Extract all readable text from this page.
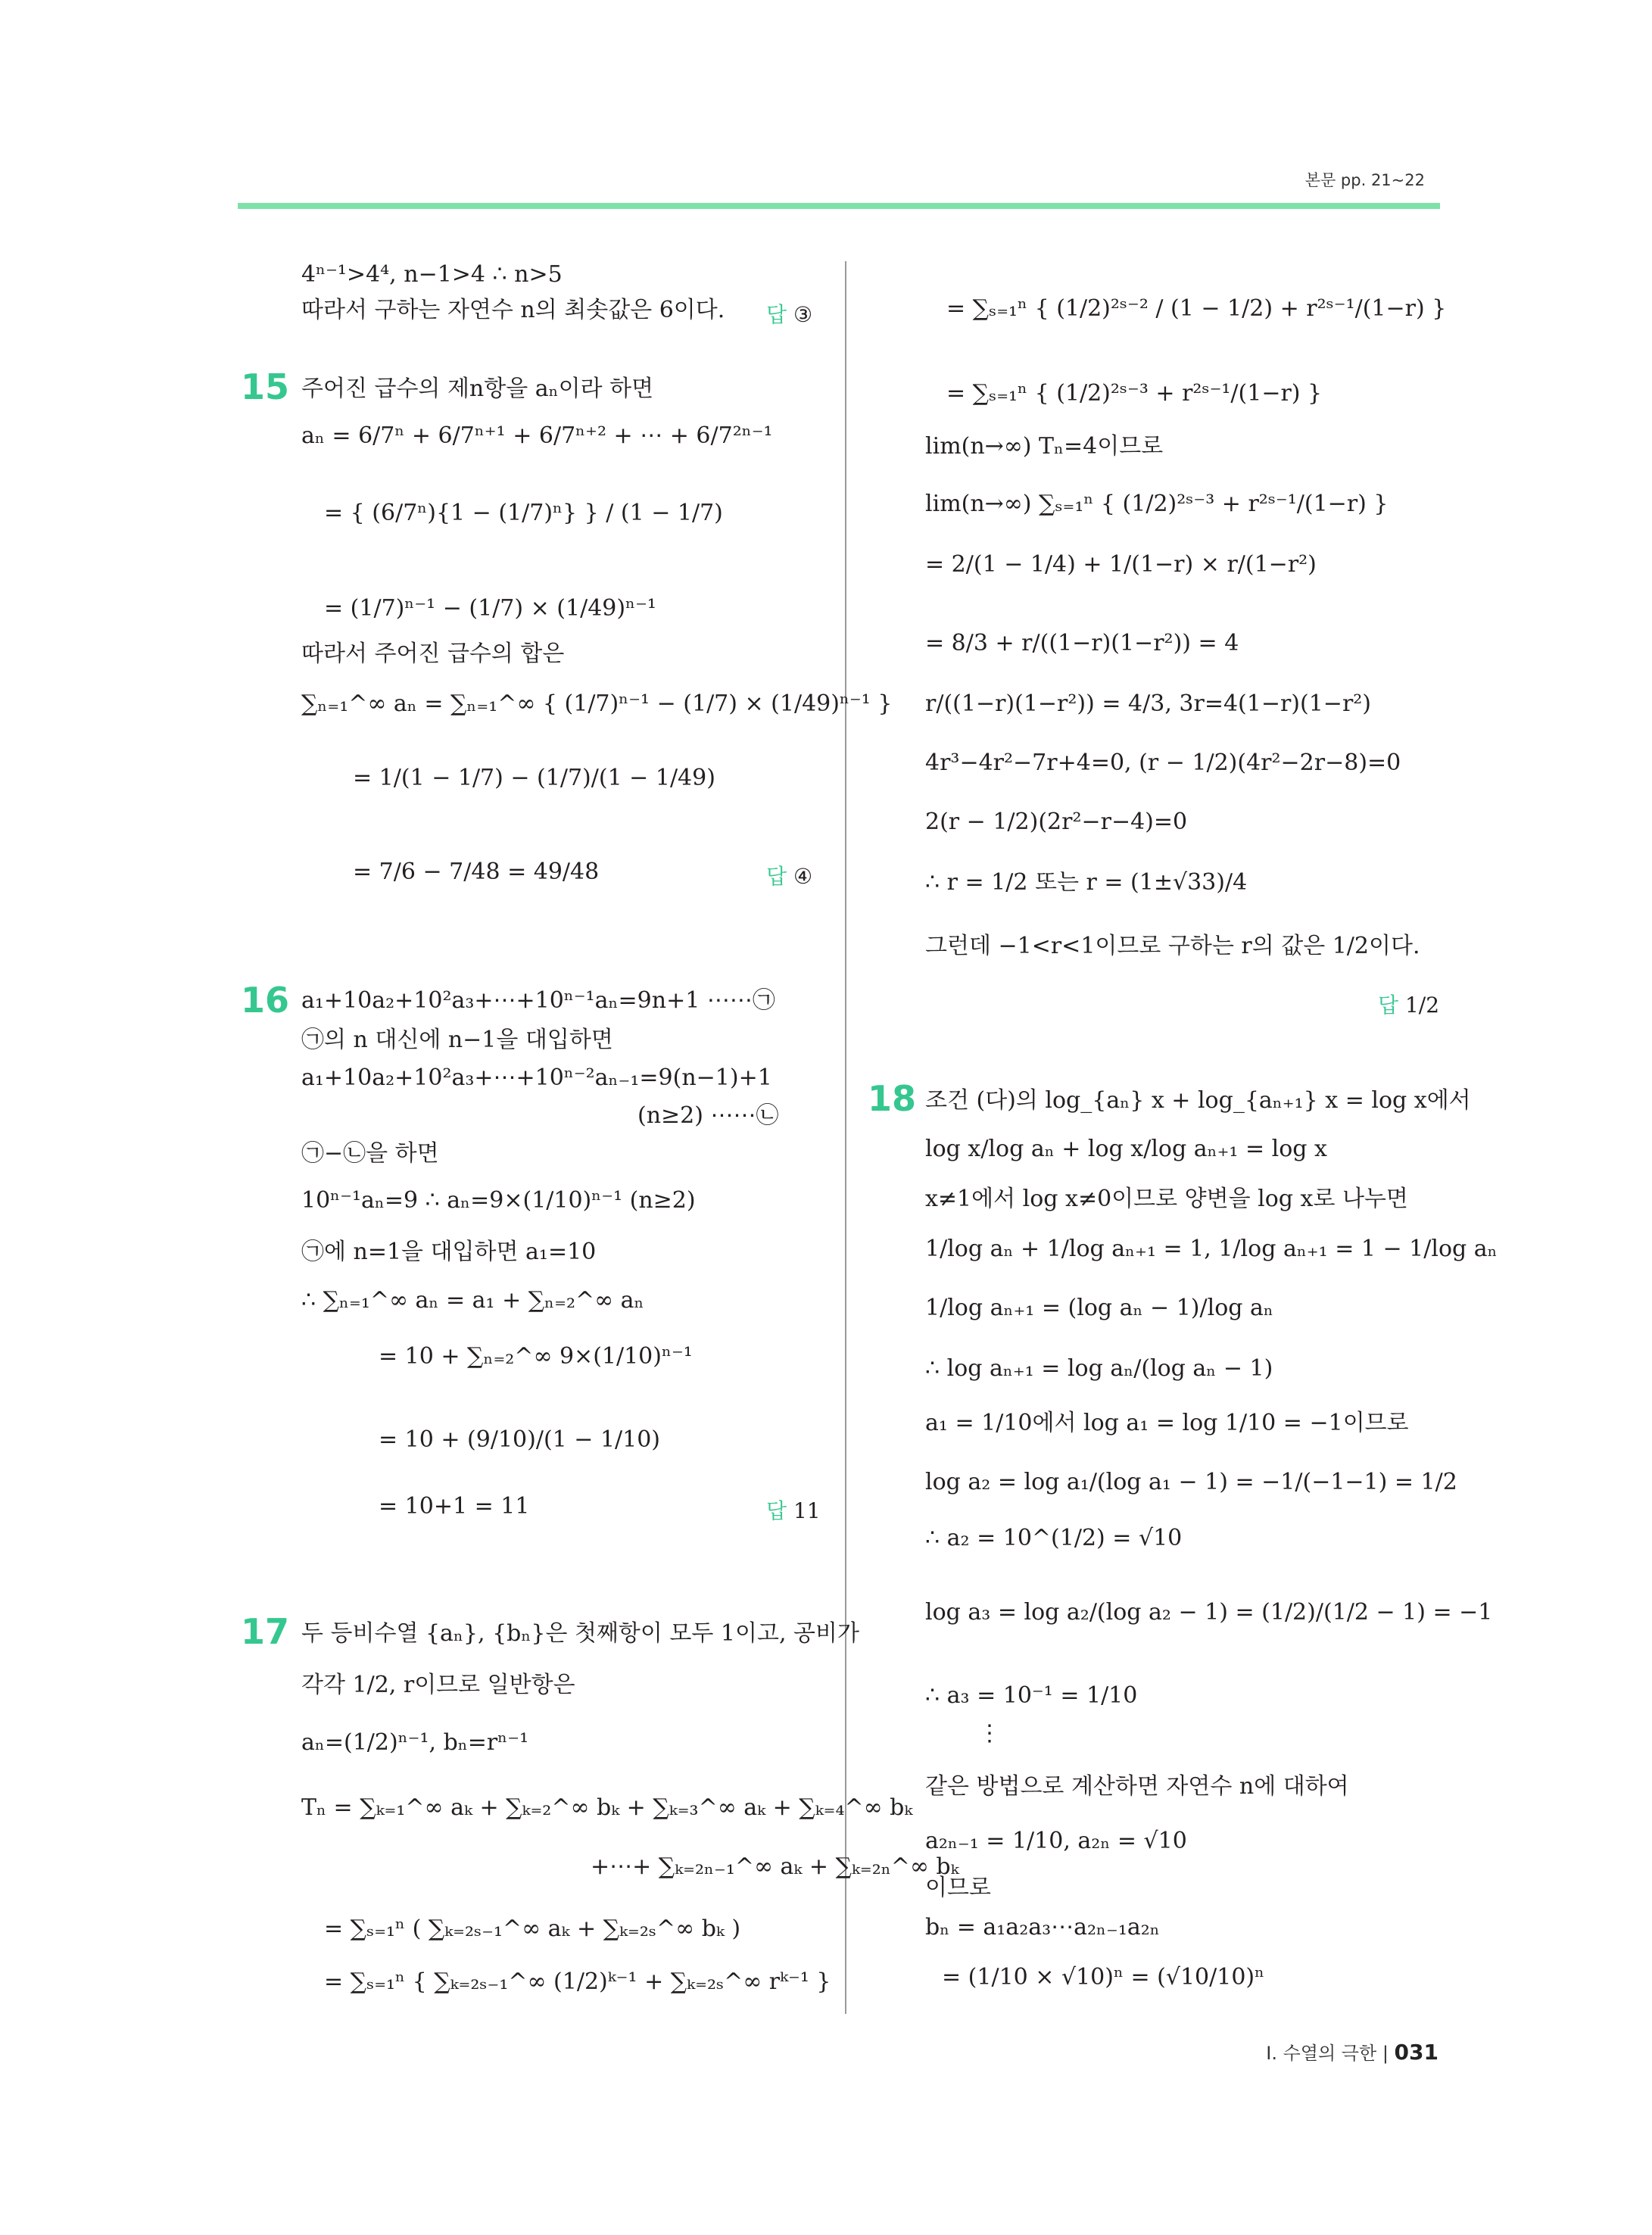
본문 pp. 21~22
4ⁿ⁻¹>4⁴, n−1>4 ∴ n>5
따라서 구하는 자연수 n의 최솟값은 6이다. 답 ③
15 주어진 급수의 제n항을 aₙ이라 하면
aₙ = 6/7ⁿ + 6/7ⁿ⁺¹ + 6/7ⁿ⁺² + ⋯ + 6/7²ⁿ⁻¹
= { (6/7ⁿ){1 − (1/7)ⁿ} } / (1 − 1/7)
= (1/7)ⁿ⁻¹ − (1/7) × (1/49)ⁿ⁻¹
따라서 주어진 급수의 합은
∑ₙ₌₁^∞ aₙ = ∑ₙ₌₁^∞ { (1/7)ⁿ⁻¹ − (1/7) × (1/49)ⁿ⁻¹ }
= 1/(1 − 1/7) − (1/7)/(1 − 1/49)
= 7/6 − 7/48 = 49/48	답 ④
16 a₁+10a₂+10²a₃+⋯+10ⁿ⁻¹aₙ=9n+1 ⋯⋯㉠
㉠의 n 대신에 n−1을 대입하면
a₁+10a₂+10²a₃+⋯+10ⁿ⁻²aₙ₋₁=9(n−1)+1
(n≥2) ⋯⋯㉡
㉠−㉡을 하면
10ⁿ⁻¹aₙ=9 ∴ aₙ=9×(1/10)ⁿ⁻¹ (n≥2)
㉠에 n=1을 대입하면 a₁=10
∴ ∑ₙ₌₁^∞ aₙ = a₁ + ∑ₙ₌₂^∞ aₙ
= 10 + ∑ₙ₌₂^∞ 9×(1/10)ⁿ⁻¹
= 10 + (9/10)/(1 − 1/10)
= 10+1 = 11	답 11
17 두 등비수열 {aₙ}, {bₙ}은 첫째항이 모두 1이고, 공비가
각각 1/2, r이므로 일반항은
aₙ=(1/2)ⁿ⁻¹, bₙ=rⁿ⁻¹
Tₙ = ∑ₖ₌₁^∞ aₖ + ∑ₖ₌₂^∞ bₖ + ∑ₖ₌₃^∞ aₖ + ∑ₖ₌₄^∞ bₖ
+⋯+ ∑ₖ₌₂ₙ₋₁^∞ aₖ + ∑ₖ₌₂ₙ^∞ bₖ
= ∑ₛ₌₁ⁿ ( ∑ₖ₌₂ₛ₋₁^∞ aₖ + ∑ₖ₌₂ₛ^∞ bₖ )
= ∑ₛ₌₁ⁿ { ∑ₖ₌₂ₛ₋₁^∞ (1/2)ᵏ⁻¹ + ∑ₖ₌₂ₛ^∞ rᵏ⁻¹ }
= ∑ₛ₌₁ⁿ { (1/2)²ˢ⁻² / (1 − 1/2) + r²ˢ⁻¹/(1−r) }
= ∑ₛ₌₁ⁿ { (1/2)²ˢ⁻³ + r²ˢ⁻¹/(1−r) }
lim(n→∞) Tₙ=4이므로
lim(n→∞) ∑ₛ₌₁ⁿ { (1/2)²ˢ⁻³ + r²ˢ⁻¹/(1−r) }
= 2/(1 − 1/4) + 1/(1−r) × r/(1−r²)
= 8/3 + r/((1−r)(1−r²)) = 4
r/((1−r)(1−r²)) = 4/3, 3r=4(1−r)(1−r²)
4r³−4r²−7r+4=0, (r − 1/2)(4r²−2r−8)=0
2(r − 1/2)(2r²−r−4)=0
∴ r = 1/2 또는 r = (1±√33)/4
그런데 −1<r<1이므로 구하는 r의 값은 1/2이다.
답 1/2
18 조건 (다)의 log_{aₙ} x + log_{aₙ₊₁} x = log x에서
log x/log aₙ + log x/log aₙ₊₁ = log x
x≠1에서 log x≠0이므로 양변을 log x로 나누면
1/log aₙ + 1/log aₙ₊₁ = 1, 1/log aₙ₊₁ = 1 − 1/log aₙ
1/log aₙ₊₁ = (log aₙ − 1)/log aₙ
∴ log aₙ₊₁ = log aₙ/(log aₙ − 1)
a₁ = 1/10에서 log a₁ = log 1/10 = −1이므로
log a₂ = log a₁/(log a₁ − 1) = −1/(−1−1) = 1/2
∴ a₂ = 10^(1/2) = √10
log a₃ = log a₂/(log a₂ − 1) = (1/2)/(1/2 − 1) = −1
∴ a₃ = 10⁻¹ = 1/10
⋮
같은 방법으로 계산하면 자연수 n에 대하여
a₂ₙ₋₁ = 1/10, a₂ₙ = √10
이므로
bₙ = a₁a₂a₃⋯a₂ₙ₋₁a₂ₙ
= (1/10 × √10)ⁿ = (√10/10)ⁿ
Ⅰ. 수열의 극한 | 031
